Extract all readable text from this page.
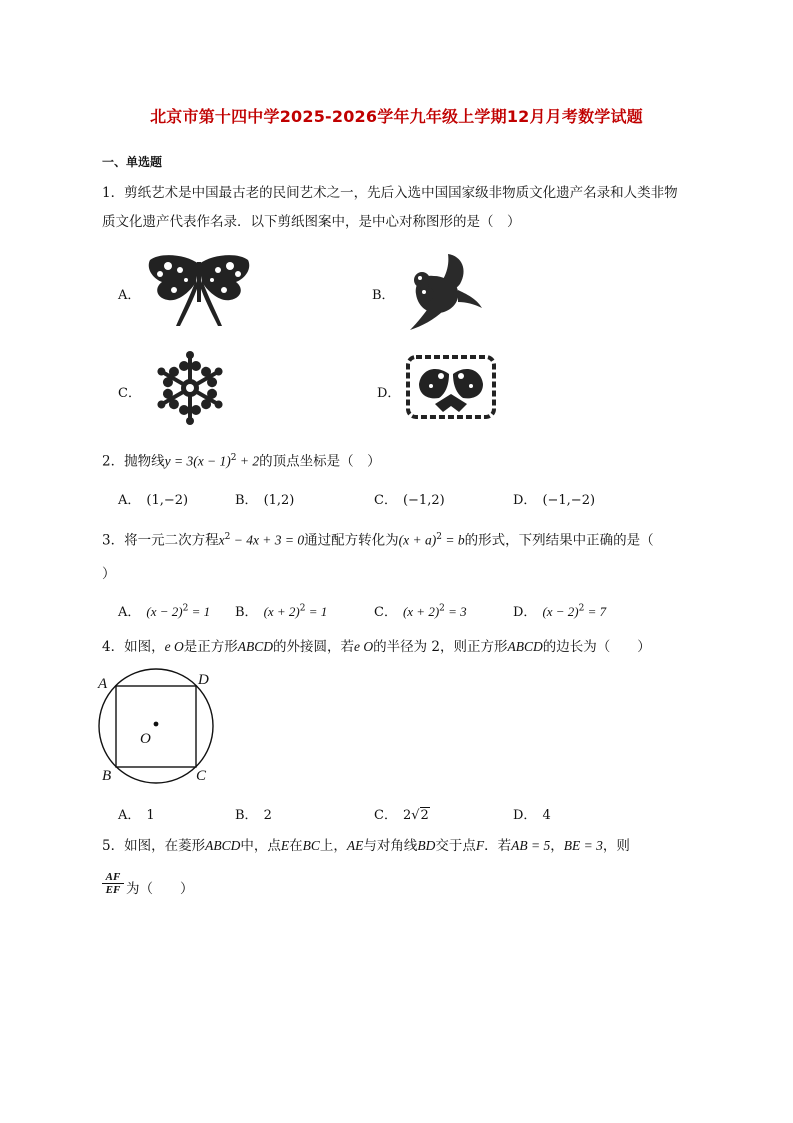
北京市第十四中学2025-2026学年九年级上学期12月月考数学试题
一、单选题
1．剪纸艺术是中国最古老的民间艺术之一，先后入选中国国家级非物质文化遗产名录和人类非物
质文化遗产代表作名录．以下剪纸图案中，是中心对称图形的是（　）
A．	B．
C．	D．
2．抛物线$y = 3(x - 1)^2 + 2$的顶点坐标是（　）
A． (1,−2)	B． (1,2)	C． (−1,2)	D． (−1,−2)
3．将一元二次方程$x^2 - 4x + 3 = 0$通过配方转化为$(x + a)^2 = b$的形式，下列结果中正确的是（
）
A． $(x - 2)^2 = 1$ B． $(x + 2)^2 = 1$	C． $(x + 2)^2 = 3$	D． $(x - 2)^2 = 7$
4．如图，e O是正方形ABCD的外接圆，若e O的半径为 2，则正方形ABCD的边长为（　　）
A	D
O
B	C
A． 1	B． 2	C． 2√2	D． 4
5．如图，在菱形ABCD中，点E在BC上，AE与对角线BD交于点F．若AB = 5，BE = 3，则
$\frac{AF}{EF}$ 为（　　）
